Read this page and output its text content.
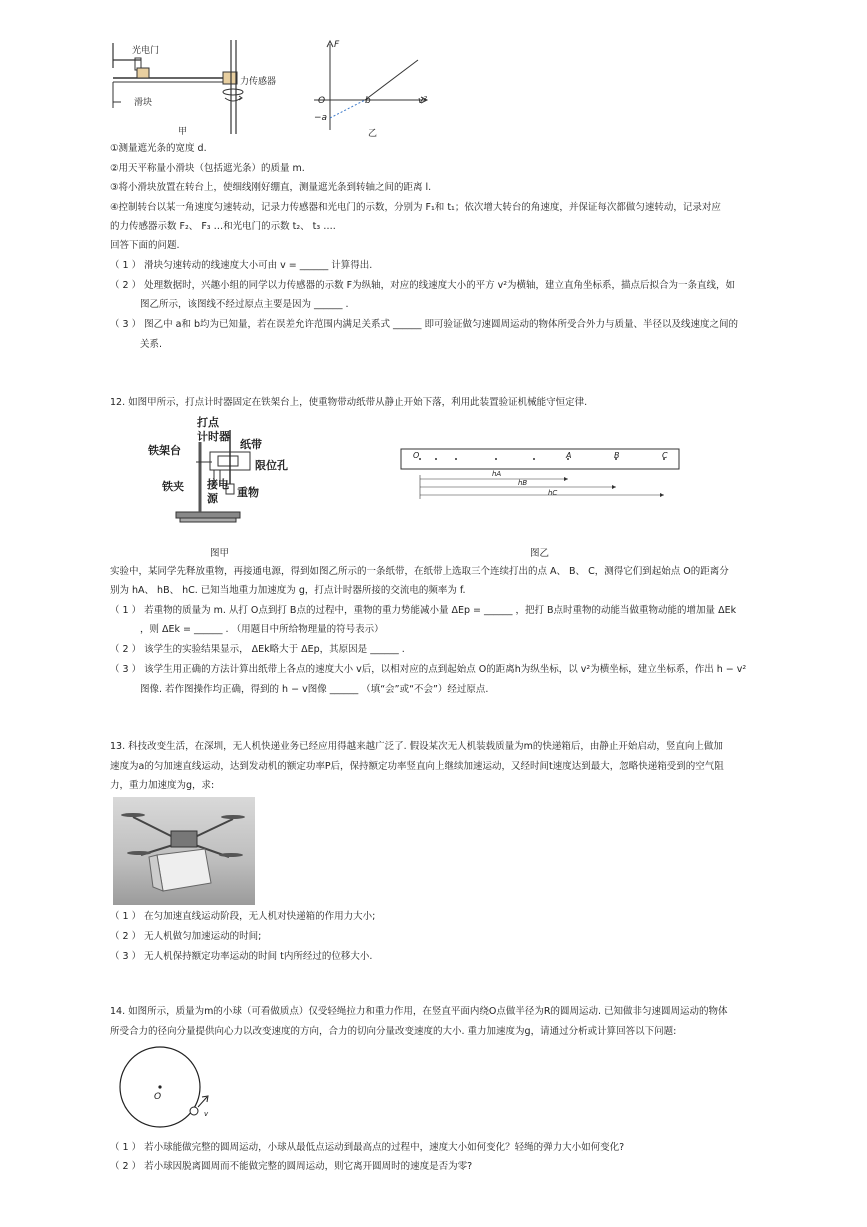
光电门
滑块
力传感器
甲
F
O	b
−a
v²
乙
①测量遮光条的宽度 d.
②用天平称量小滑块（包括遮光条）的质量 m.
③将小滑块放置在转台上，使细线刚好绷直，测量遮光条到转轴之间的距离 l.
④控制转台以某一角速度匀速转动，记录力传感器和光电门的示数，分别为 F₁和 t₁；依次增大转台的角速度，并保证每次都做匀速转动，记录对应
的力传感器示数 F₂、 F₃ …和光电门的示数 t₂、 t₃ ….
回答下面的问题.
（ 1 ） 滑块匀速转动的线速度大小可由 v = ______ 计算得出.
（ 2 ） 处理数据时，兴趣小组的同学以力传感器的示数 F为纵轴，对应的线速度大小的平方 v²为横轴，建立直角坐标系，描点后拟合为一条直线，如
图乙所示，该图线不经过原点主要是因为 ______ .
（ 3 ） 图乙中 a和 b均为已知量，若在误差允许范围内满足关系式 ______ 即可验证做匀速圆周运动的物体所受合外力与质量、半径以及线速度之间的
关系.
12. 如图甲所示，打点计时器固定在铁架台上，使重物带动纸带从静止开始下落，利用此装置验证机械能守恒定律.
打点
计时器
纸带
铁架台
限位孔
铁夹 接电
源 重物
O	A	B	C
hA
hB
hC
图甲	图乙
实验中，某同学先释放重物，再接通电源，得到如图乙所示的一条纸带，在纸带上选取三个连续打出的点 A、 B、 C，测得它们到起始点 O的距离分
别为 hA、 hB、 hC. 已知当地重力加速度为 g，打点计时器所接的交流电的频率为 f.
（ 1 ） 若重物的质量为 m. 从打 O点到打 B点的过程中，重物的重力势能减小量 ΔEp = ______ ，把打 B点时重物的动能当做重物动能的增加量 ΔEk
，则 ΔEk = ______ . （用题目中所给物理量的符号表示）
（ 2 ） 该学生的实验结果显示， ΔEk略大于 ΔEp，其原因是 ______ .
（ 3 ） 该学生用正确的方法计算出纸带上各点的速度大小 v后，以相对应的点到起始点 O的距离h为纵坐标，以 v²为横坐标，建立坐标系，作出 h − v²
图像. 若作图操作均正确，得到的 h − v图像 ______ （填“会”或“不会”）经过原点.
13. 科技改变生活，在深圳，无人机快递业务已经应用得越来越广泛了. 假设某次无人机装载质量为m的快递箱后，由静止开始启动，竖直向上做加
速度为a的匀加速直线运动，达到发动机的额定功率P后，保持额定功率竖直向上继续加速运动，又经时间t速度达到最大，忽略快递箱受到的空气阻
力，重力加速度为g，求:
（ 1 ） 在匀加速直线运动阶段，无人机对快递箱的作用力大小;
（ 2 ） 无人机做匀加速运动的时间;
（ 3 ） 无人机保持额定功率运动的时间 t内所经过的位移大小.
14. 如图所示，质量为m的小球（可看做质点）仅受轻绳拉力和重力作用，在竖直平面内绕O点做半径为R的圆周运动. 已知做非匀速圆周运动的物体
所受合力的径向分量提供向心力以改变速度的方向，合力的切向分量改变速度的大小. 重力加速度为g，请通过分析或计算回答以下问题:
O
v
（ 1 ） 若小球能做完整的圆周运动，小球从最低点运动到最高点的过程中，速度大小如何变化？轻绳的弹力大小如何变化?
（ 2 ） 若小球因脱离圆周而不能做完整的圆周运动，则它离开圆周时的速度是否为零?
